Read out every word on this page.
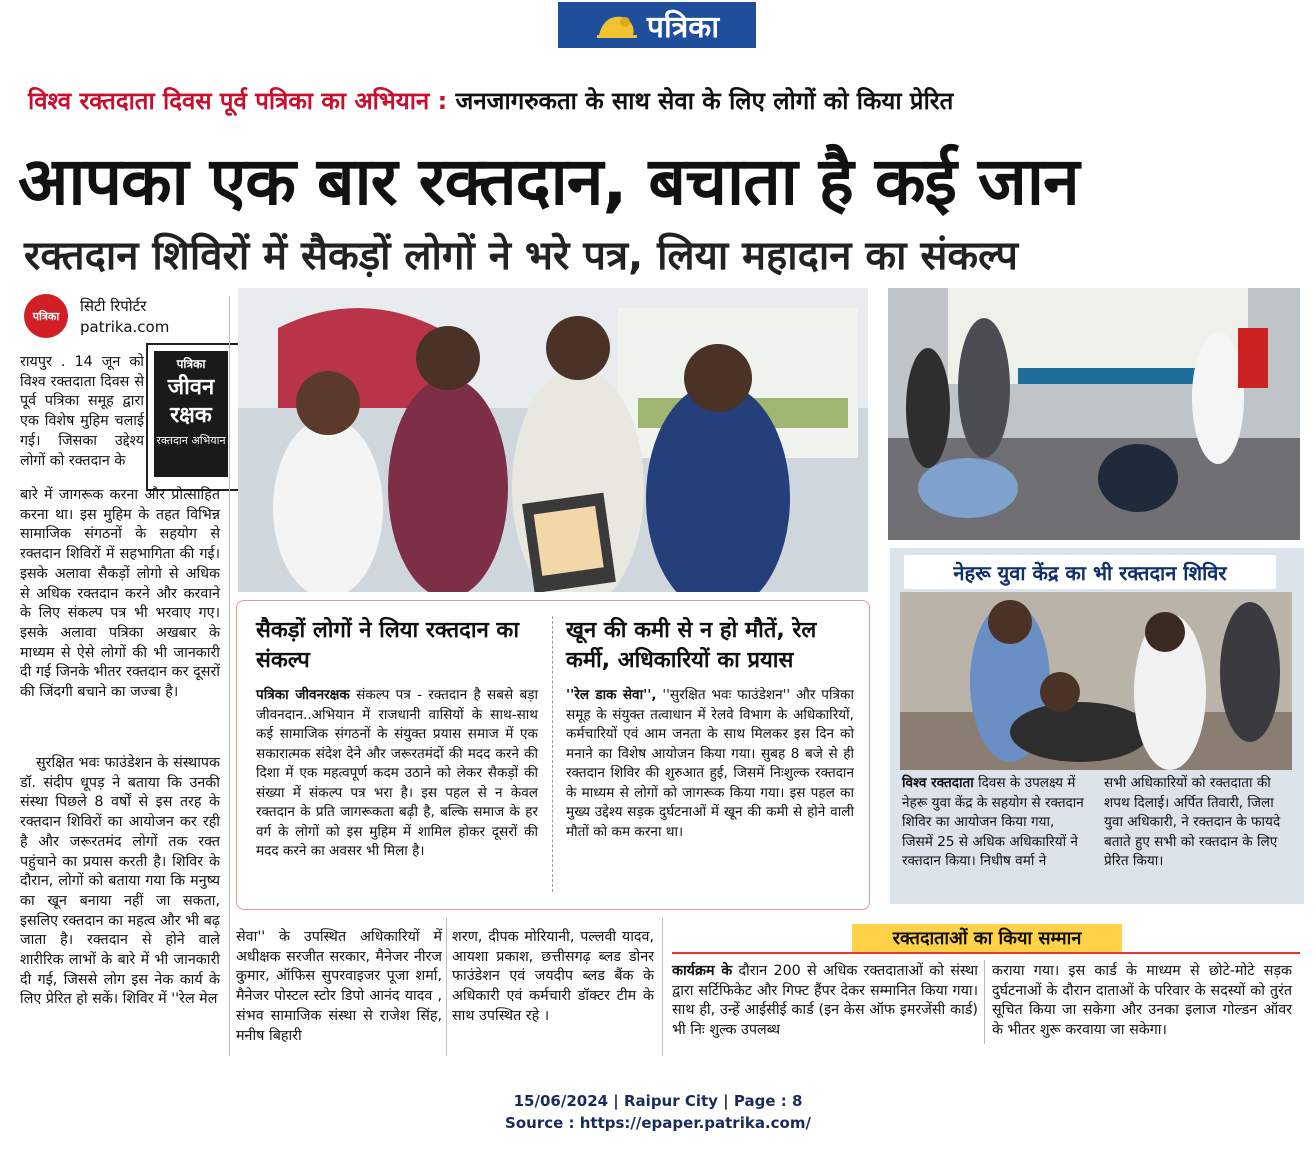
पत्रिका
विश्व रक्तदाता दिवस पूर्व पत्रिका का अभियान : जनजागरुकता के साथ सेवा के लिए लोगों को किया प्रेरित
आपका एक बार रक्तदान, बचाता है कई जान
रक्तदान शिविरों में सैकड़ों लोगों ने भरे पत्र, लिया महादान का संकल्प
पत्रिका
सिटी रिपोर्टर
patrika.com
पत्रिका
जीवन
रक्षक
रक्तदान अभियान
रायपुर . 14 जून को विश्व रक्तदाता दिवस से पूर्व पत्रिका समूह द्वारा एक विशेष मुहिम चलाई गई। जिसका उद्देश्य लोगों को रक्तदान के
बारे में जागरूक करना और प्रोत्साहित करना था। इस मुहिम के तहत विभिन्न सामाजिक संगठनों के सहयोग से रक्तदान शिविरों में सहभागिता की गई। इसके अलावा सैकड़ों लोगो से अधिक से अधिक रक्तदान करने और करवाने के लिए संकल्प पत्र भी भरवाए गए। इसके अलावा पत्रिका अखबार के माध्यम से ऐसे लोगों की भी जानकारी दी गई जिनके भीतर रक्तदान कर दूसरों की जिंदगी बचाने का जज्बा है।
सुरक्षित भवः फाउंडेशन के संस्थापक डॉ. संदीप धूपड़ ने बताया कि उनकी संस्था पिछले 8 वर्षों से इस तरह के रक्तदान शिविरों का आयोजन कर रही है और जरूरतमंद लोगों तक रक्त पहुंचाने का प्रयास करती है। शिविर के दौरान, लोगों को बताया गया कि मनुष्य का खून बनाया नहीं जा सकता, इसलिए रक्तदान का महत्व और भी बढ़ जाता है। रक्तदान से होने वाले शारीरिक लाभों के बारे में भी जानकारी दी गई, जिससे लोग इस नेक कार्य के लिए प्रेरित हो सकें। शिविर में ''रेल मेल
सैकड़ों लोगों ने लिया रक्तदान का संकल्प
पत्रिका जीवनरक्षक संकल्प पत्र - रक्तदान है सबसे बड़ा जीवनदान..अभियान में राजधानी वासियों के साथ-साथ कई सामाजिक संगठनों के संयुक्त प्रयास समाज में एक सकारात्मक संदेश देने और जरूरतमंदों की मदद करने की दिशा में एक महत्वपूर्ण कदम उठाने को लेकर सैकड़ों की संख्या में संकल्प पत्र भरा है। इस पहल से न केवल रक्तदान के प्रति जागरूकता बढ़ी है, बल्कि समाज के हर वर्ग के लोगों को इस मुहिम में शामिल होकर दूसरों की मदद करने का अवसर भी मिला है।
खून की कमी से न हो मौतें, रेल कर्मी, अधिकारियों का प्रयास
''रेल डाक सेवा'', ''सुरक्षित भवः फाउंडेशन'' और पत्रिका समूह के संयुक्त तत्वाधान में रेलवे विभाग के अधिकारियों, कर्मचारियों एवं आम जनता के साथ मिलकर इस दिन को मनाने का विशेष आयोजन किया गया। सुबह 8 बजे से ही रक्तदान शिविर की शुरुआत हुई, जिसमें निःशुल्क रक्तदान के माध्यम से लोगों को जागरूक किया गया। इस पहल का मुख्य उद्देश्य सड़क दुर्घटनाओं में खून की कमी से होने वाली मौतों को कम करना था।
नेहरू युवा केंद्र का भी रक्तदान शिविर
विश्व रक्तदाता दिवस के उपलक्ष्य में नेहरू युवा केंद्र के सहयोग से रक्तदान शिविर का आयोजन किया गया, जिसमें 25 से अधिक अधिकारियों ने रक्तदान किया। निधीष वर्मा ने
सभी अधिकारियों को रक्तदाता की शपथ दिलाई। अर्पित तिवारी, जिला युवा अधिकारी, ने रक्तदान के फायदे बताते हुए सभी को रक्तदान के लिए प्रेरित किया।
सेवा'' के उपस्थित अधिकारियों में अधीक्षक सरजीत सरकार, मैनेजर नीरज कुमार, ऑफिस सुपरवाइजर पूजा शर्मा, मैनेजर पोस्टल स्टोर डिपो आनंद यादव , संभव सामाजिक संस्था से राजेश सिंह, मनीष बिहारी
शरण, दीपक मोरियानी, पल्लवी यादव, आयशा प्रकाश, छत्तीसगढ़ ब्लड डोनर फाउंडेशन एवं जयदीप ब्लड बैंक के अधिकारी एवं कर्मचारी डॉक्टर टीम के साथ उपस्थित रहे ।
रक्तदाताओं का किया सम्मान
कार्यक्रम के दौरान 200 से अधिक रक्तदाताओं को संस्था द्वारा सर्टिफिकेट और गिफ्ट हैंपर देकर सम्मानित किया गया। साथ ही, उन्हें आईसीई कार्ड (इन केस ऑफ इमरजेंसी कार्ड) भी निः शुल्क उपलब्ध
कराया गया। इस कार्ड के माध्यम से छोटे-मोटे सड़क दुर्घटनाओं के दौरान दाताओं के परिवार के सदस्यों को तुरंत सूचित किया जा सकेगा और उनका इलाज गोल्डन ऑवर के भीतर शुरू करवाया जा सकेगा।
15/06/2024 | Raipur City | Page : 8
Source : https://epaper.patrika.com/
